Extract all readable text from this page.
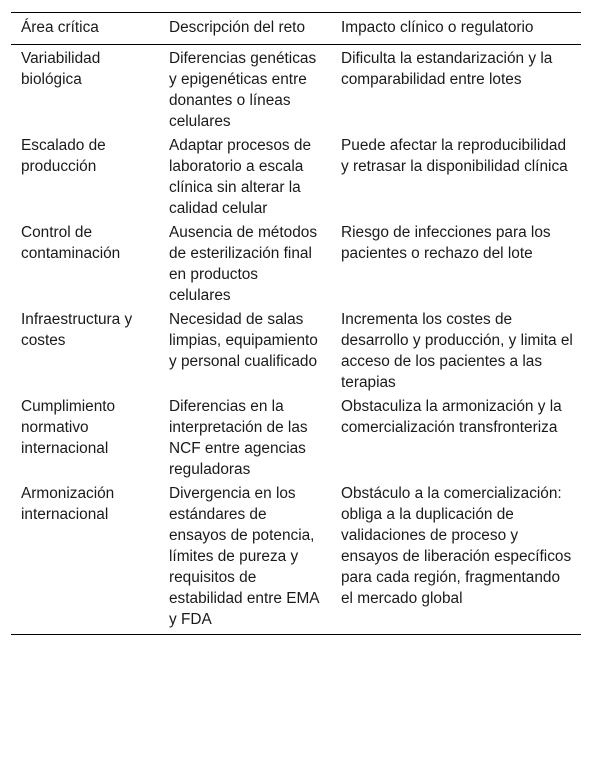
Área crítica	Descripción del reto	Impacto clínico o regulatorio
Variabilidad biológica	Diferencias genéticas y epigenéticas entre donantes o líneas celulares	Dificulta la estandarización y la comparabilidad entre lotes
Escalado de producción	Adaptar procesos de laboratorio a escala clínica sin alterar la calidad celular	Puede afectar la reproducibilidad y retrasar la disponibilidad clínica
Control de contaminación	Ausencia de métodos de esterilización final en productos celulares	Riesgo de infecciones para los pacientes o rechazo del lote
Infraestructura y costes	Necesidad de salas limpias, equipamiento y personal cualificado	Incrementa los costes de desarrollo y producción, y limita el acceso de los pacientes a las terapias
Cumplimiento normativo internacional	Diferencias en la interpretación de las NCF entre agencias reguladoras	Obstaculiza la armonización y la comercialización transfronteriza
Armonización internacional	Divergencia en los estándares de ensayos de potencia, límites de pureza y requisitos de estabilidad entre EMA y FDA	Obstáculo a la comercialización: obliga a la duplicación de validaciones de proceso y ensayos de liberación específicos para cada región, fragmentando el mercado global
